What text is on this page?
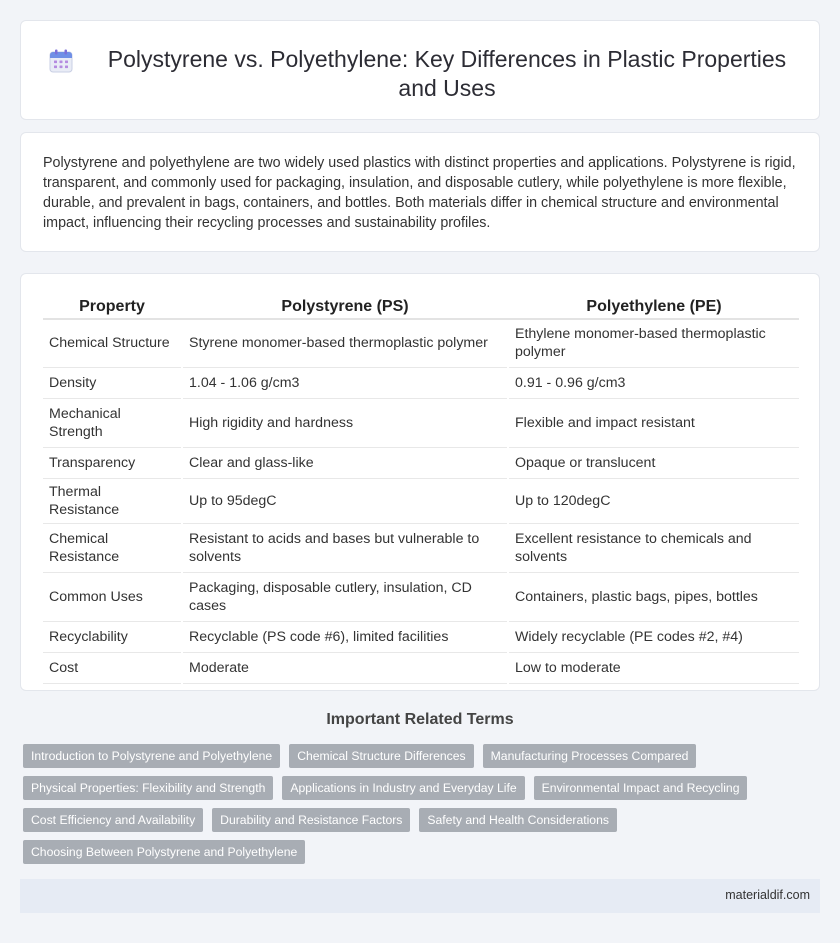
Polystyrene vs. Polyethylene: Key Differences in Plastic Properties and Uses

Polystyrene and polyethylene are two widely used plastics with distinct properties and applications. Polystyrene is rigid, transparent, and commonly used for packaging, insulation, and disposable cutlery, while polyethylene is more flexible, durable, and prevalent in bags, containers, and bottles. Both materials differ in chemical structure and environmental impact, influencing their recycling processes and sustainability profiles.

Property	Polystyrene (PS)	Polyethylene (PE)
Chemical Structure	Styrene monomer-based thermoplastic polymer	Ethylene monomer-based thermoplastic polymer
Density	1.04 - 1.06 g/cm3	0.91 - 0.96 g/cm3
Mechanical Strength	High rigidity and hardness	Flexible and impact resistant
Transparency	Clear and glass-like	Opaque or translucent
Thermal Resistance	Up to 95degC	Up to 120degC
Chemical Resistance	Resistant to acids and bases but vulnerable to solvents	Excellent resistance to chemicals and solvents
Common Uses	Packaging, disposable cutlery, insulation, CD cases	Containers, plastic bags, pipes, bottles
Recyclability	Recyclable (PS code #6), limited facilities	Widely recyclable (PE codes #2, #4)
Cost	Moderate	Low to moderate
Important Related Terms
Introduction to Polystyrene and Polyethylene	Chemical Structure Differences	Manufacturing Processes Compared
Physical Properties: Flexibility and Strength	Applications in Industry and Everyday Life	Environmental Impact and Recycling
Cost Efficiency and Availability	Durability and Resistance Factors	Safety and Health Considerations
Choosing Between Polystyrene and Polyethylene
materialdif.com
